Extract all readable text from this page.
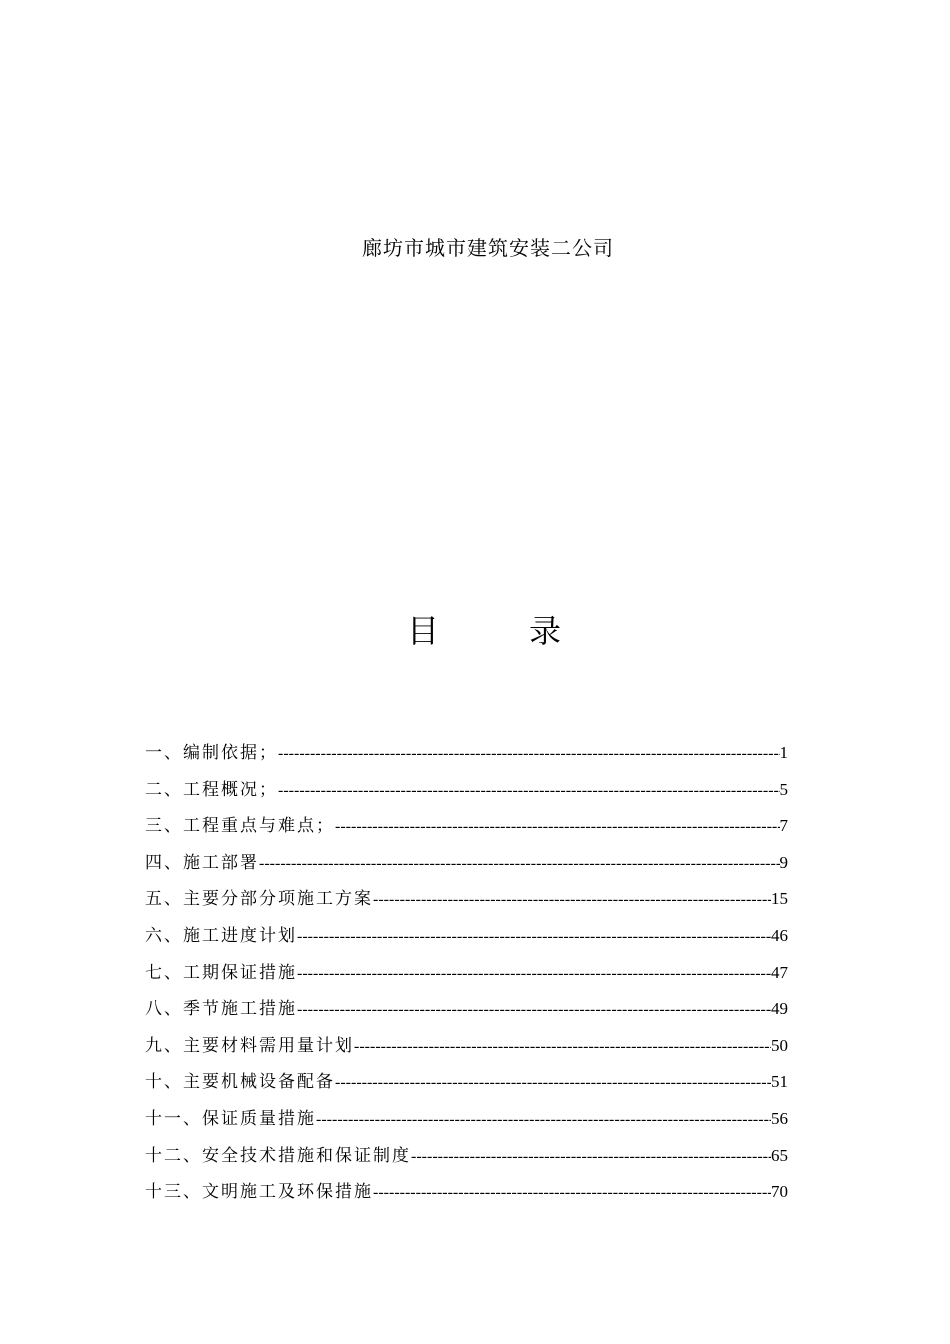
廊坊市城市建筑安装二公司
目	录
一、编制依据； -----	1
二、工程概况； -----	5
三、工程重点与难点； -----	7
四、施工部署 -----	9
五、主要分部分项施工方案 -----	15
六、施工进度计划 -----	46
七、工期保证措施 -----	47
八、季节施工措施 -----	49
九、主要材料需用量计划 -----	50
十、主要机械设备配备 -----	51
十一、保证质量措施 -----	56
十二、安全技术措施和保证制度 -----	65
十三、文明施工及环保措施 -----	70
